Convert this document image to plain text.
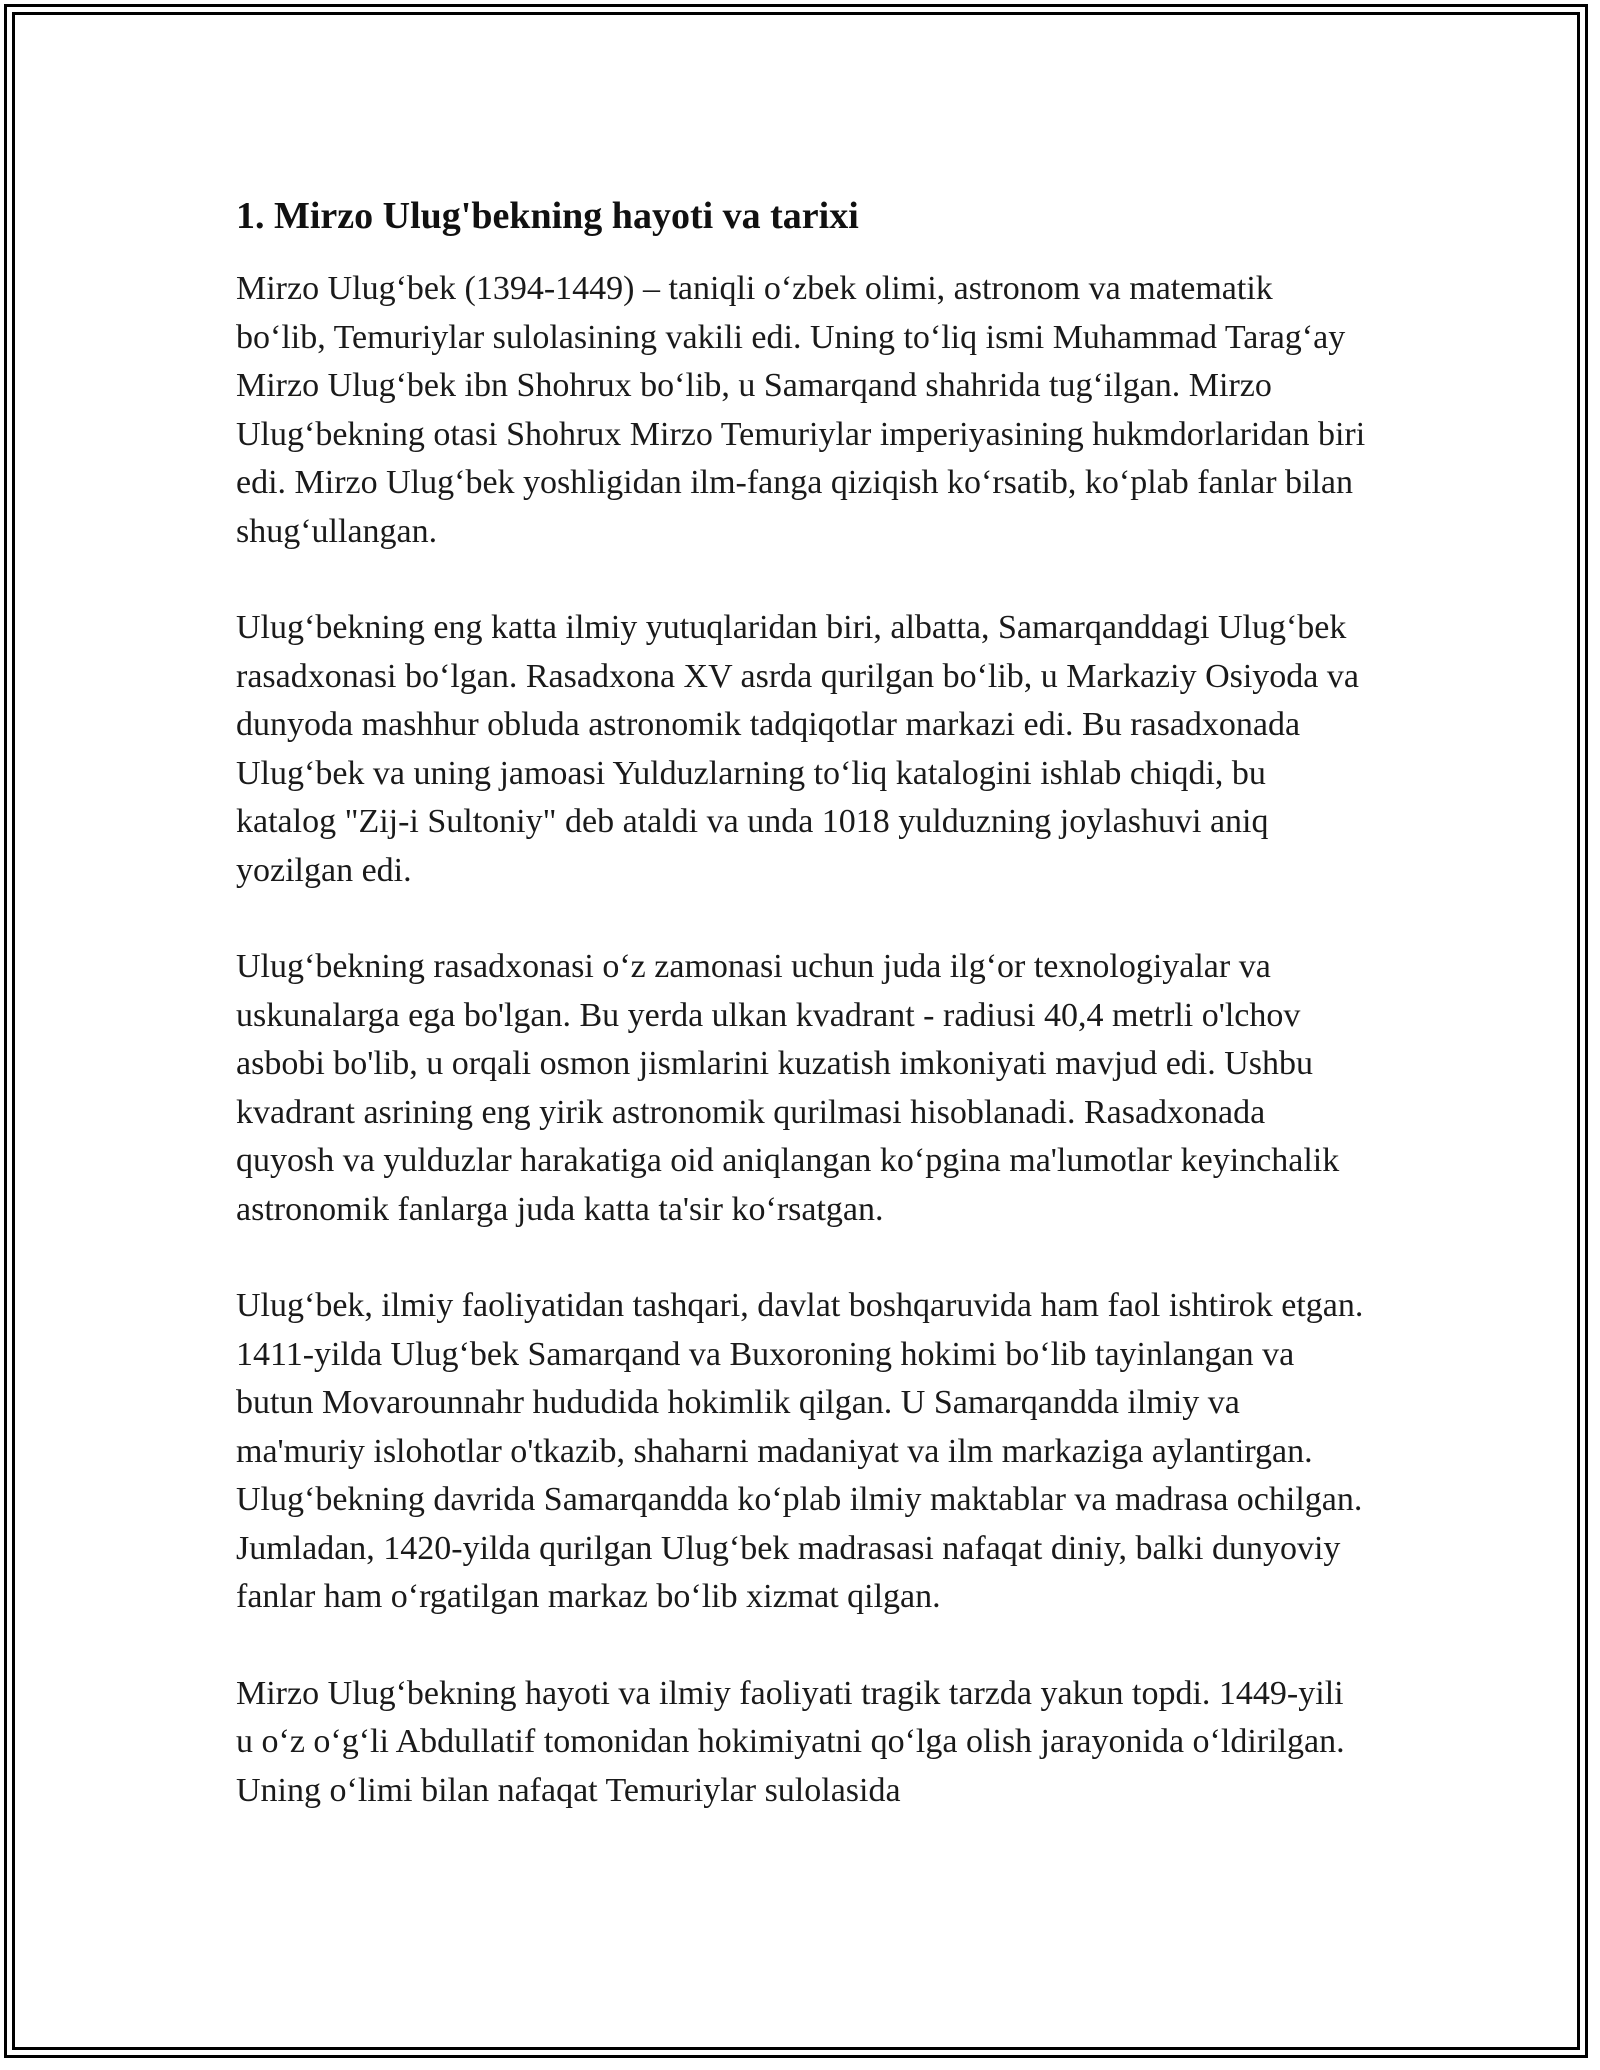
1. Mirzo Ulug'bekning hayoti va tarixi

Mirzo Ulug‘bek (1394-1449) – taniqli o‘zbek olimi, astronom va matematik bo‘lib, Temuriylar sulolasining vakili edi. Uning to‘liq ismi Muhammad Tarag‘ay Mirzo Ulug‘bek ibn Shohrux bo‘lib, u Samarqand shahrida tug‘ilgan. Mirzo Ulug‘bekning otasi Shohrux Mirzo Temuriylar imperiyasining hukmdorlaridan biri edi. Mirzo Ulug‘bek yoshligidan ilm-fanga qiziqish ko‘rsatib, ko‘plab fanlar bilan shug‘ullangan.

Ulug‘bekning eng katta ilmiy yutuqlaridan biri, albatta, Samarqanddagi Ulug‘bek rasadxonasi bo‘lgan. Rasadxona XV asrda qurilgan bo‘lib, u Markaziy Osiyoda va dunyoda mashhur obluda astronomik tadqiqotlar markazi edi. Bu rasadxonada Ulug‘bek va uning jamoasi Yulduzlarning to‘liq katalogini ishlab chiqdi, bu katalog "Zij-i Sultoniy" deb ataldi va unda 1018 yulduzning joylashuvi aniq yozilgan edi.

Ulug‘bekning rasadxonasi o‘z zamonasi uchun juda ilg‘or texnologiyalar va uskunalarga ega bo'lgan. Bu yerda ulkan kvadrant - radiusi 40,4 metrli o'lchov asbobi bo'lib, u orqali osmon jismlarini kuzatish imkoniyati mavjud edi. Ushbu kvadrant asrining eng yirik astronomik qurilmasi hisoblanadi. Rasadxonada quyosh va yulduzlar harakatiga oid aniqlangan ko‘pgina ma'lumotlar keyinchalik astronomik fanlarga juda katta ta'sir ko‘rsatgan.

Ulug‘bek, ilmiy faoliyatidan tashqari, davlat boshqaruvida ham faol ishtirok etgan. 1411-yilda Ulug‘bek Samarqand va Buxoroning hokimi bo‘lib tayinlangan va butun Movarounnahr hududida hokimlik qilgan. U Samarqandda ilmiy va ma'muriy islohotlar o'tkazib, shaharni madaniyat va ilm markaziga aylantirgan. Ulug‘bekning davrida Samarqandda ko‘plab ilmiy maktablar va madrasa ochilgan. Jumladan, 1420-yilda qurilgan Ulug‘bek madrasasi nafaqat diniy, balki dunyoviy fanlar ham o‘rgatilgan markaz bo‘lib xizmat qilgan.

Mirzo Ulug‘bekning hayoti va ilmiy faoliyati tragik tarzda yakun topdi. 1449-yili u o‘z o‘g‘li Abdullatif tomonidan hokimiyatni qo‘lga olish jarayonida o‘ldirilgan. Uning o‘limi bilan nafaqat Temuriylar sulolasida
